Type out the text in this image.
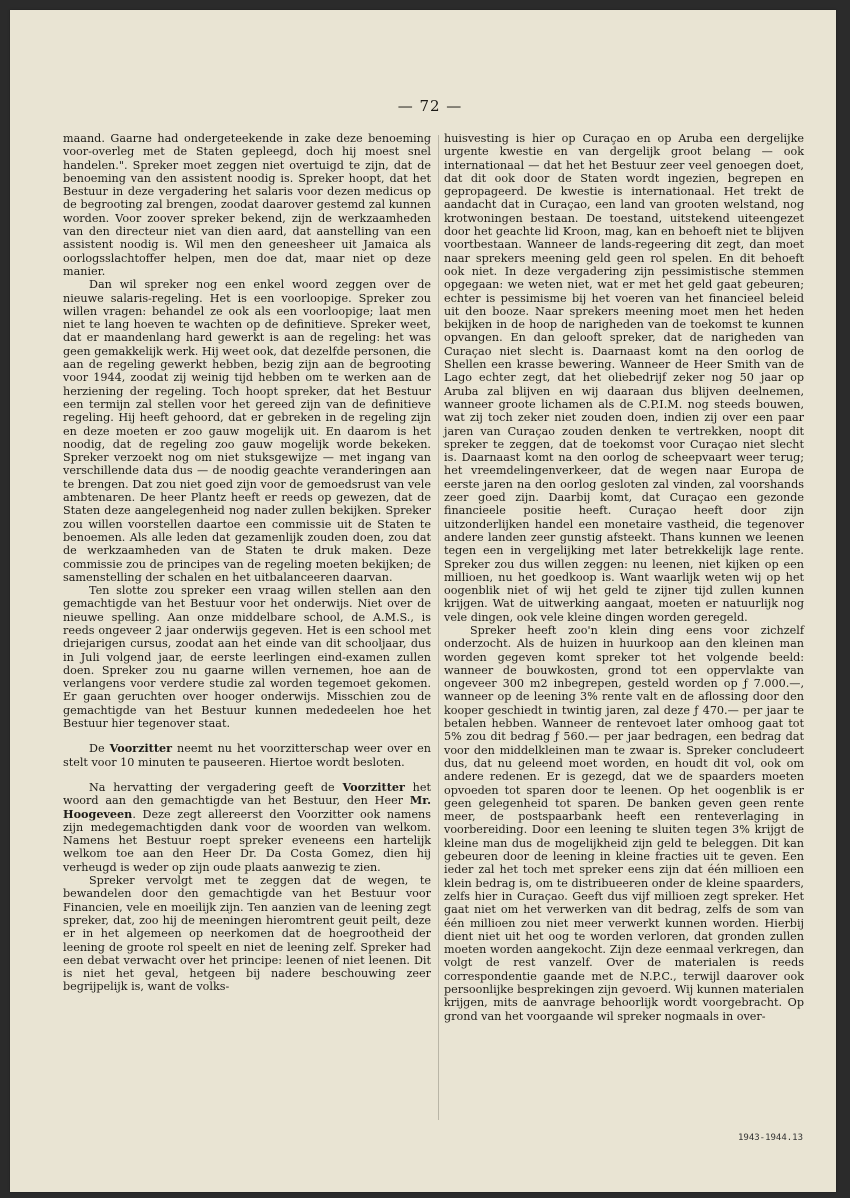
— 72 —

maand. Gaarne had ondergeteekende in zake deze benoeming voor-overleg met de Staten gepleegd, doch hij moest snel handelen.". Spreker moet zeggen niet overtuigd te zijn, dat de benoeming van den assistent noodig is. Spreker hoopt, dat het Bestuur in deze vergadering het salaris voor dezen medicus op de begrooting zal brengen, zoodat daarover gestemd zal kunnen worden. Voor zoover spreker bekend, zijn de werkzaamheden van den directeur niet van dien aard, dat aanstelling van een assistent noodig is. Wil men den geneesheer uit Jamaica als oorlogsslachtoffer helpen, men doe dat, maar niet op deze manier.

Dan wil spreker nog een enkel woord zeggen over de nieuwe salaris-regeling. Het is een voorloopige. Spreker zou willen vragen: behandel ze ook als een voorloopige; laat men niet te lang hoeven te wachten op de definitieve. Spreker weet, dat er maandenlang hard gewerkt is aan de regeling: het was geen gemakkelijk werk. Hij weet ook, dat dezelfde personen, die aan de regeling gewerkt hebben, bezig zijn aan de begrooting voor 1944, zoodat zij weinig tijd hebben om te werken aan de herziening der regeling. Toch hoopt spreker, dat het Bestuur een termijn zal stellen voor het gereed zijn van de definitieve regeling. Hij heeft gehoord, dat er gebreken in de regeling zijn en deze moeten er zoo gauw mogelijk uit. En daarom is het noodig, dat de regeling zoo gauw mogelijk worde bekeken. Spreker verzoekt nog om niet stuksgewijze — met ingang van verschillende data dus — de noodig geachte veranderingen aan te brengen. Dat zou niet goed zijn voor de gemoedsrust van vele ambtenaren. De heer Plantz heeft er reeds op gewezen, dat de Staten deze aangelegenheid nog nader zullen bekijken. Spreker zou willen voorstellen daartoe een commissie uit de Staten te benoemen. Als alle leden dat gezamenlijk zouden doen, zou dat de werkzaamheden van de Staten te druk maken. Deze commissie zou de principes van de regeling moeten bekijken; de samenstelling der schalen en het uitbalanceeren daarvan.

Ten slotte zou spreker een vraag willen stellen aan den gemachtigde van het Bestuur voor het onderwijs. Niet over de nieuwe spelling. Aan onze middelbare school, de A.M.S., is reeds ongeveer 2 jaar onderwijs gegeven. Het is een school met driejarigen cursus, zoodat aan het einde van dit schooljaar, dus in Juli volgend jaar, de eerste leerlingen eind-examen zullen doen. Spreker zou nu gaarne willen vernemen, hoe aan de verlangens voor verdere studie zal worden tegemoet gekomen. Er gaan geruchten over hooger onderwijs. Misschien zou de gemachtigde van het Bestuur kunnen mededeelen hoe het Bestuur hier tegenover staat.

De Voorzitter neemt nu het voorzitterschap weer over en stelt voor 10 minuten te pauseeren. Hiertoe wordt besloten.

Na hervatting der vergadering geeft de Voorzitter het woord aan den gemachtigde van het Bestuur, den Heer Mr. Hoogeveen. Deze zegt allereerst den Voorzitter ook namens zijn medegemachtigden dank voor de woorden van welkom. Namens het Bestuur roept spreker eveneens een hartelijk welkom toe aan den Heer Dr. Da Costa Gomez, dien hij verheugd is weder op zijn oude plaats aanwezig te zien.

Spreker vervolgt met te zeggen dat de wegen, te bewandelen door den gemachtigde van het Bestuur voor Financien, vele en moeilijk zijn. Ten aanzien van de leening zegt spreker, dat, zoo hij de meeningen hieromtrent geuit peilt, deze er in het algemeen op neerkomen dat de hoegrootheid der leening de groote rol speelt en niet de leening zelf. Spreker had een debat verwacht over het principe: leenen of niet leenen. Dit is niet het geval, hetgeen bij nadere beschouwing zeer begrijpelijk is, want de volks-

huisvesting is hier op Curaçao en op Aruba een dergelijke urgente kwestie en van dergelijk groot belang — ook internationaal — dat het het Bestuur zeer veel genoegen doet, dat dit ook door de Staten wordt ingezien, begrepen en gepropageerd. De kwestie is internationaal. Het trekt de aandacht dat in Curaçao, een land van grooten welstand, nog krotwoningen bestaan. De toestand, uitstekend uiteengezet door het geachte lid Kroon, mag, kan en behoeft niet te blijven voortbestaan. Wanneer de lands-regeering dit zegt, dan moet naar sprekers meening geld geen rol spelen. En dit behoeft ook niet. In deze vergadering zijn pessimistische stemmen opgegaan: we weten niet, wat er met het geld gaat gebeuren; echter is pessimisme bij het voeren van het financieel beleid uit den booze. Naar sprekers meening moet men het heden bekijken in de hoop de narigheden van de toekomst te kunnen opvangen. En dan gelooft spreker, dat de narigheden van Curaçao niet slecht is. Daarnaast komt na den oorlog de Shellen een krasse bewering. Wanneer de Heer Smith van de Lago echter zegt, dat het oliebedrijf zeker nog 50 jaar op Aruba zal blijven en wij daaraan dus blijven deelnemen, wanneer groote lichamen als de C.P.I.M. nog steeds bouwen, wat zij toch zeker niet zouden doen, indien zij over een paar jaren van Curaçao zouden denken te vertrekken, noopt dit spreker te zeggen, dat de toekomst voor Curaçao niet slecht is. Daarnaast komt na den oorlog de scheepvaart weer terug; het vreemdelingenverkeer, dat de wegen naar Europa de eerste jaren na den oorlog gesloten zal vinden, zal voorshands zeer goed zijn. Daarbij komt, dat Curaçao een gezonde financieele positie heeft. Curaçao heeft door zijn uitzonderlijken handel een monetaire vastheid, die tegenover andere landen zeer gunstig afsteekt. Thans kunnen we leenen tegen een in vergelijking met later betrekkelijk lage rente. Spreker zou dus willen zeggen: nu leenen, niet kijken op een millioen, nu het goedkoop is. Want waarlijk weten wij op het oogenblik niet of wij het geld te zijner tijd zullen kunnen krijgen. Wat de uitwerking aangaat, moeten er natuurlijk nog vele dingen, ook vele kleine dingen worden geregeld.

Spreker heeft zoo'n klein ding eens voor zichzelf onderzocht. Als de huizen in huurkoop aan den kleinen man worden gegeven komt spreker tot het volgende beeld: wanneer de bouwkosten, grond tot een oppervlakte van ongeveer 300 m2 inbegrepen, gesteld worden op ƒ 7.000.—, wanneer op de leening 3% rente valt en de aflossing door den kooper geschiedt in twintig jaren, zal deze ƒ 470.— per jaar te betalen hebben. Wanneer de rentevoet later omhoog gaat tot 5% zou dit bedrag ƒ 560.— per jaar bedragen, een bedrag dat voor den middelkleinen man te zwaar is. Spreker concludeert dus, dat nu geleend moet worden, en houdt dit vol, ook om andere redenen. Er is gezegd, dat we de spaarders moeten opvoeden tot sparen door te leenen. Op het oogenblik is er geen gelegenheid tot sparen. De banken geven geen rente meer, de postspaarbank heeft een renteverlaging in voorbereiding. Door een leening te sluiten tegen 3% krijgt de kleine man dus de mogelijkheid zijn geld te beleggen. Dit kan gebeuren door de leening in kleine fracties uit te geven. Een ieder zal het toch met spreker eens zijn dat één millioen een klein bedrag is, om te distribueeren onder de kleine spaarders, zelfs hier in Curaçao. Geeft dus vijf millioen zegt spreker. Het gaat niet om het verwerken van dit bedrag, zelfs de som van één millioen zou niet meer verwerkt kunnen worden. Hierbij dient niet uit het oog te worden verloren, dat gronden zullen moeten worden aangekocht. Zijn deze eenmaal verkregen, dan volgt de rest vanzelf. Over de materialen is reeds correspondentie gaande met de N.P.C., terwijl daarover ook persoonlijke besprekingen zijn gevoerd. Wij kunnen materialen krijgen, mits de aanvrage behoorlijk wordt voorgebracht. Op grond van het voorgaande wil spreker nogmaals in over-

1943-1944.13
